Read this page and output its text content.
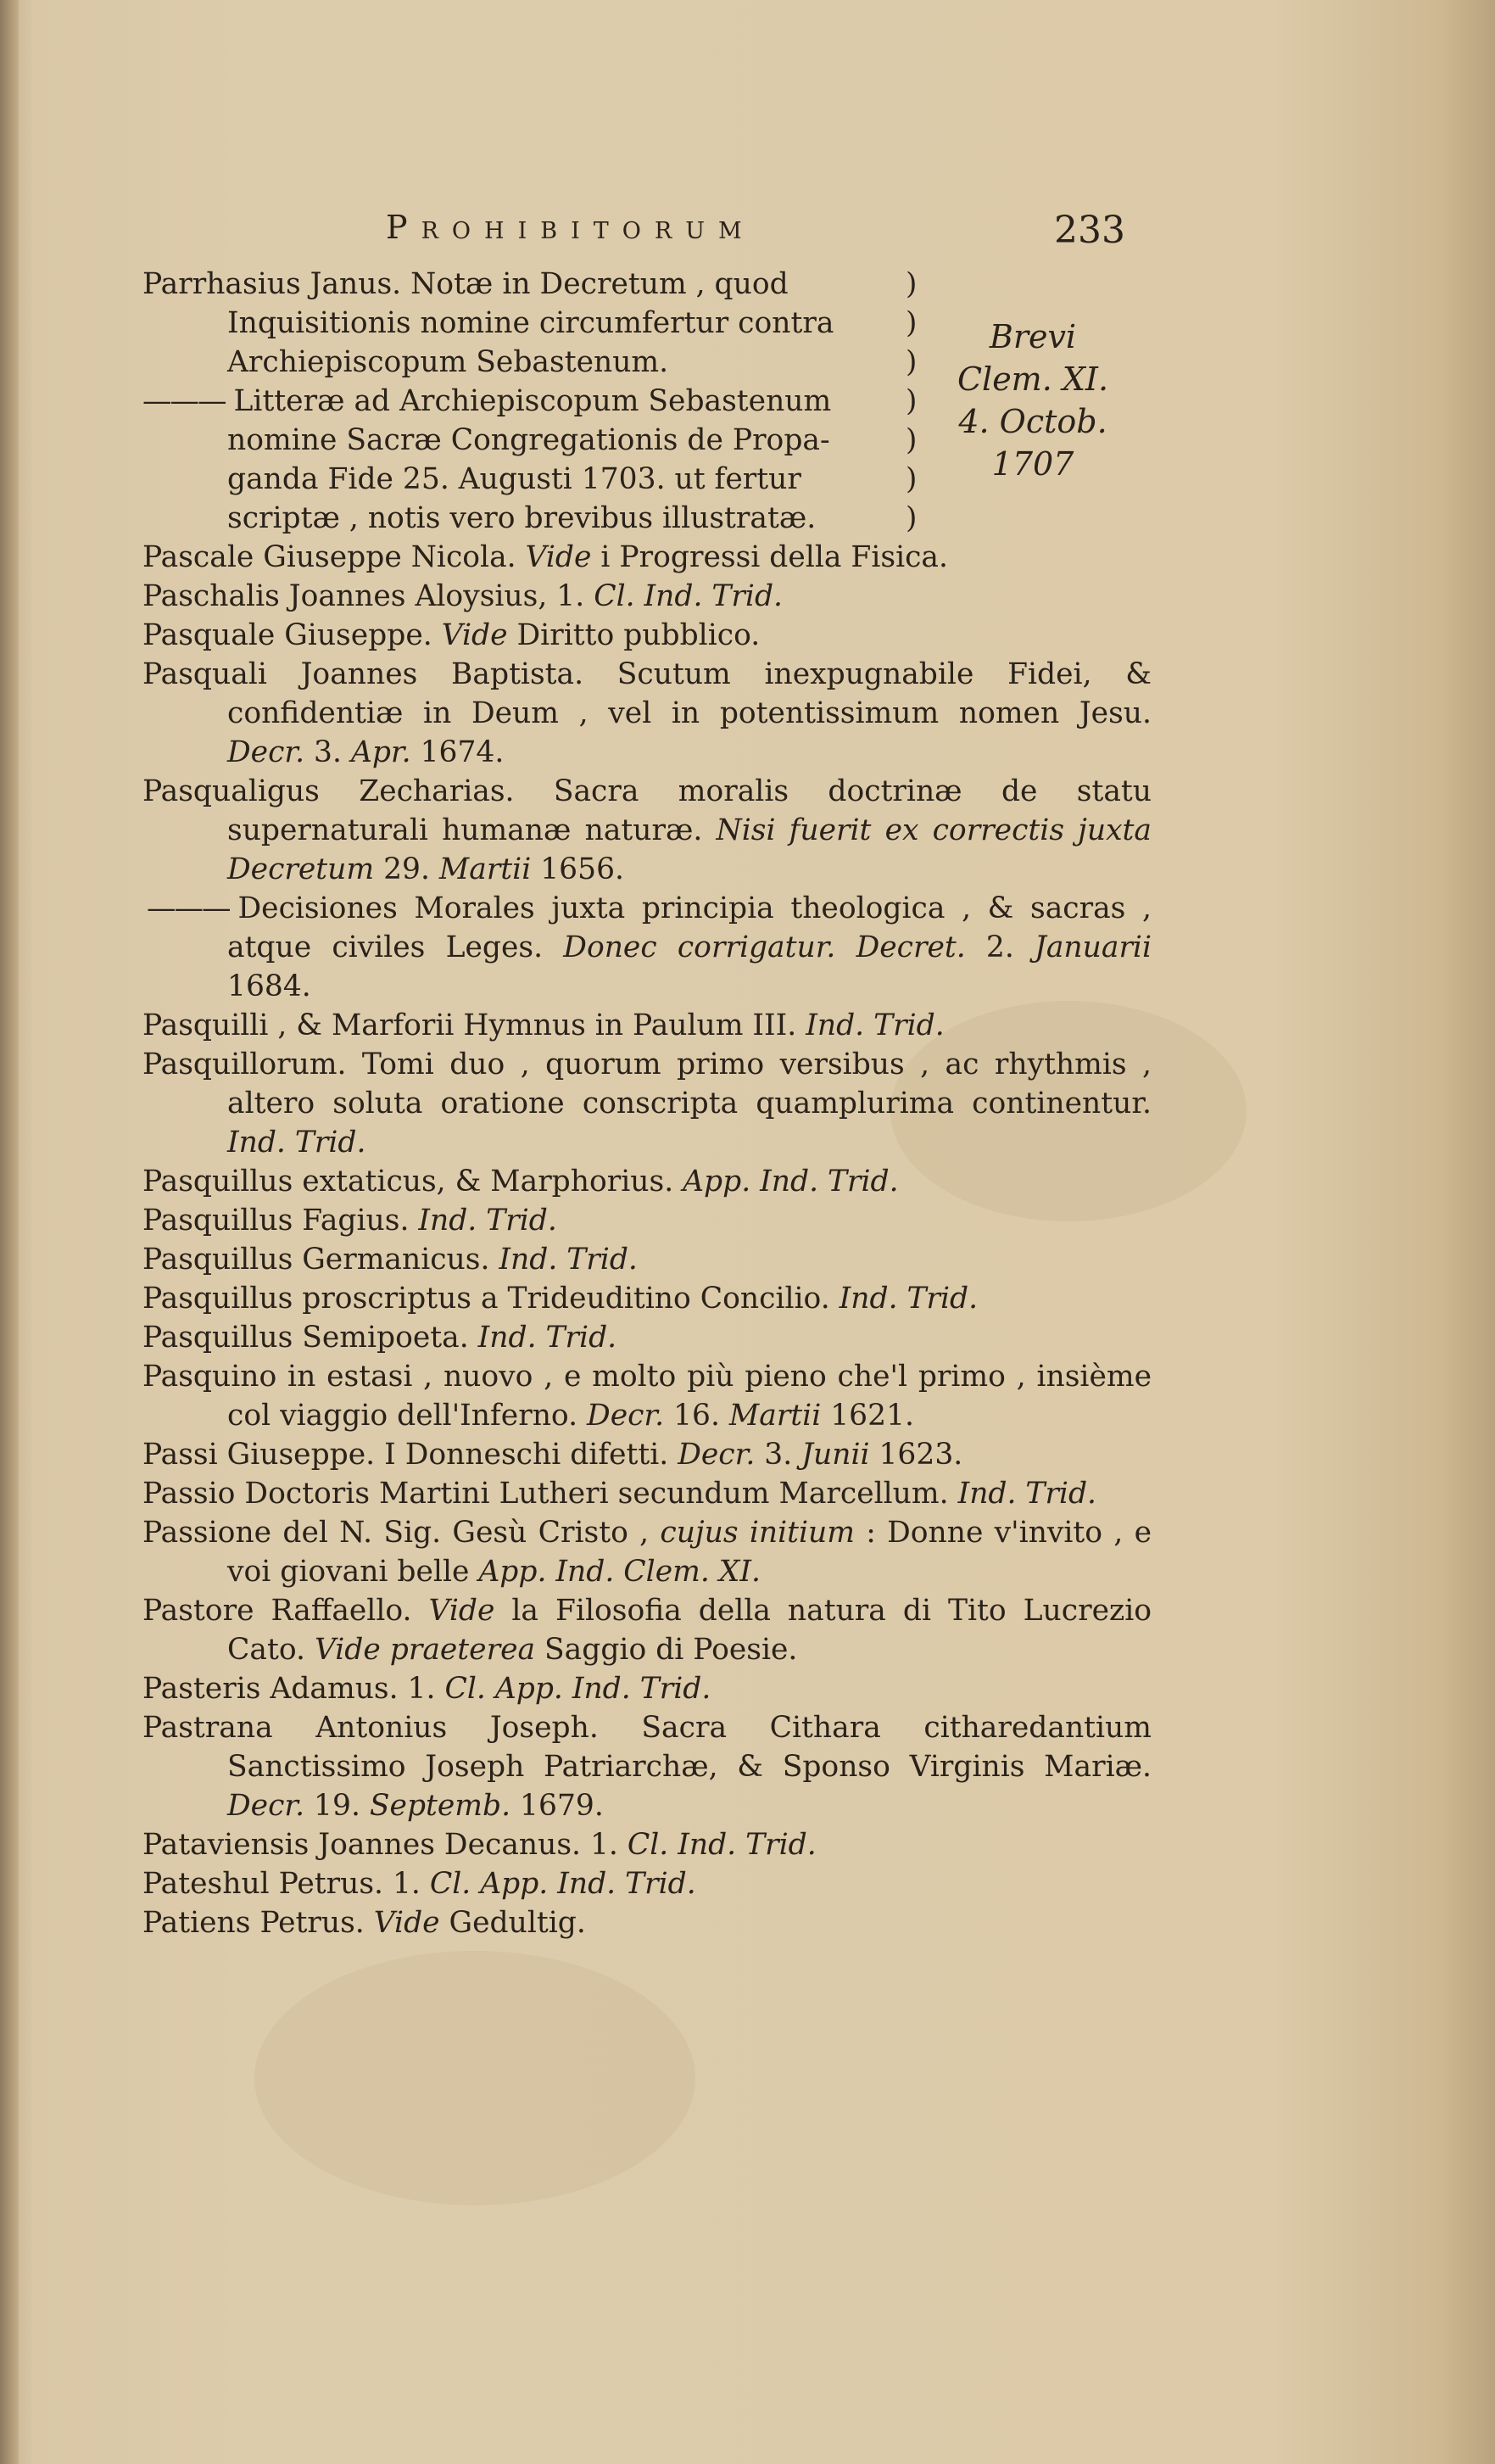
Prohibitorum	233
Parrhasius Janus. Notæ in Decretum , quod
Inquisitionis nomine circumfertur contra
Archiepiscopum Sebastenum.
——— Litteræ ad Archiepiscopum Sebastenum
nomine Sacræ Congregationis de Propa-
ganda Fide 25. Augusti 1703. ut fertur
scriptæ , notis vero brevibus illustratæ.
)
)
)
)
)
)
)
Brevi
Clem. XI.
4. Octob.
1707
Pascale Giuseppe Nicola. Vide i Progressi della Fisica.
Paschalis Joannes Aloysius, 1. Cl. Ind. Trid.
Pasquale Giuseppe. Vide Diritto pubblico.
Pasquali Joannes Baptista. Scutum inexpugnabile Fidei, & confidentiæ in Deum , vel in potentissimum nomen Jesu. Decr. 3. Apr. 1674.
Pasqualigus Zecharias. Sacra moralis doctrinæ de statu supernaturali humanæ naturæ. Nisi fuerit ex correctis juxta Decretum 29. Martii 1656.
——— Decisiones Morales juxta principia theologica , & sacras , atque civiles Leges. Donec corrigatur. Decret. 2. Januarii 1684.
Pasquilli , & Marforii Hymnus in Paulum III. Ind. Trid.
Pasquillorum. Tomi duo , quorum primo versibus , ac rhythmis , altero soluta oratione conscripta quamplurima continentur. Ind. Trid.
Pasquillus extaticus, & Marphorius. App. Ind. Trid.
Pasquillus Fagius. Ind. Trid.
Pasquillus Germanicus. Ind. Trid.
Pasquillus proscriptus a Trideuditino Concilio. Ind. Trid.
Pasquillus Semipoeta. Ind. Trid.
Pasquino in estasi , nuovo , e molto più pieno che'l primo , insième col viaggio dell'Inferno. Decr. 16. Martii 1621.
Passi Giuseppe. I Donneschi difetti. Decr. 3. Junii 1623.
Passio Doctoris Martini Lutheri secundum Marcellum. Ind. Trid.
Passione del N. Sig. Gesù Cristo , cujus initium : Donne v'invito , e voi giovani belle App. Ind. Clem. XI.
Pastore Raffaello. Vide la Filosofia della natura di Tito Lucrezio Cato. Vide praeterea Saggio di Poesie.
Pasteris Adamus. 1. Cl. App. Ind. Trid.
Pastrana Antonius Joseph. Sacra Cithara citharedantium Sanctissimo Joseph Patriarchæ, & Sponso Virginis Mariæ. Decr. 19. Septemb. 1679.
Pataviensis Joannes Decanus. 1. Cl. Ind. Trid.
Pateshul Petrus. 1. Cl. App. Ind. Trid.
Patiens Petrus. Vide Gedultig.
